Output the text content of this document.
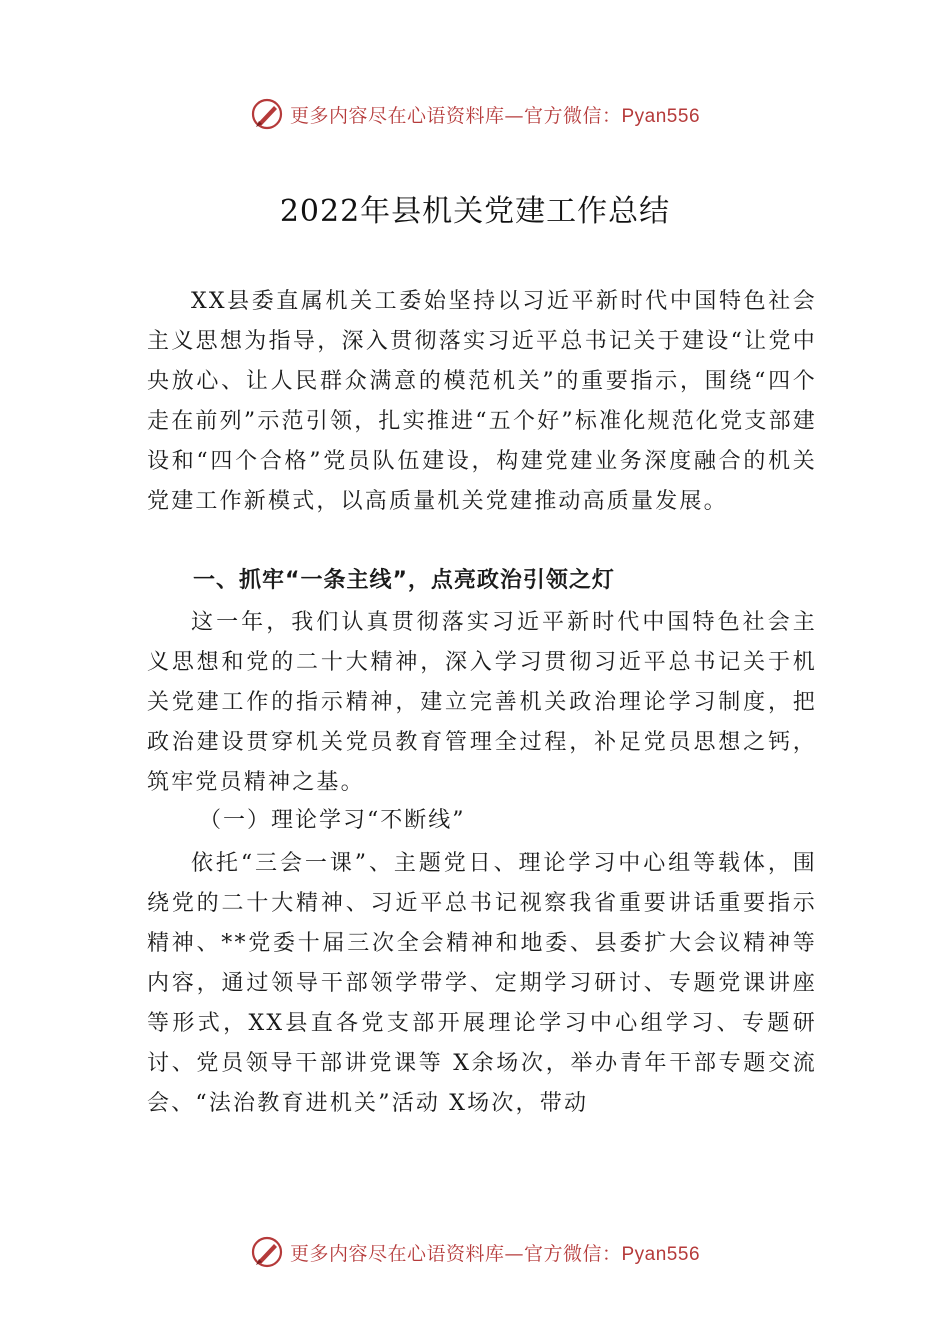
更多内容尽在心语资料库—官方微信：Pyan556
2022年县机关党建工作总结

XX县委直属机关工委始坚持以习近平新时代中国特色社会主义思想为指导，深入贯彻落实习近平总书记关于建设“让党中央放心、让人民群众满意的模范机关”的重要指示，围绕“四个走在前列”示范引领，扎实推进“五个好”标准化规范化党支部建设和“四个合格”党员队伍建设，构建党建业务深度融合的机关党建工作新模式，以高质量机关党建推动高质量发展。

一、抓牢“一条主线”，点亮政治引领之灯

这一年，我们认真贯彻落实习近平新时代中国特色社会主义思想和党的二十大精神，深入学习贯彻习近平总书记关于机关党建工作的指示精神，建立完善机关政治理论学习制度，把政治建设贯穿机关党员教育管理全过程，补足党员思想之钙，筑牢党员精神之基。

（一）理论学习“不断线”

依托“三会一课”、主题党日、理论学习中心组等载体，围绕党的二十大精神、习近平总书记视察我省重要讲话重要指示精神、**党委十届三次全会精神和地委、县委扩大会议精神等内容，通过领导干部领学带学、定期学习研讨、专题党课讲座等形式，XX县直各党支部开展理论学习中心组学习、专题研讨、党员领导干部讲党课等 X余场次，举办青年干部专题交流会、“法治教育进机关”活动 X场次，带动

更多内容尽在心语资料库—官方微信：Pyan556
